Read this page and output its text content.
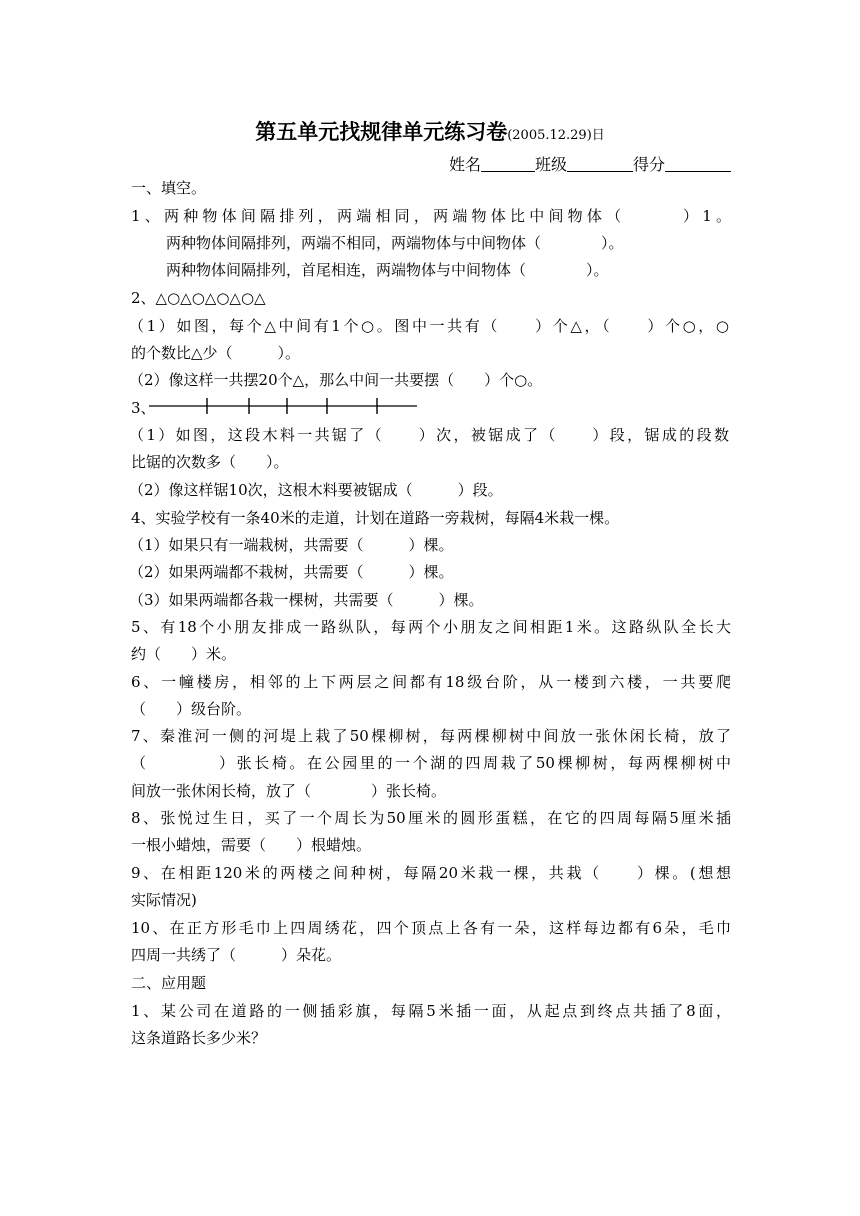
第五单元找规律单元练习卷(2005.12.29)日
姓名	班级	得分
一、填空。
1、两种物体间隔排列，两端相同，两端物体比中间物体（　　　）1。
两种物体间隔排列，两端不相同，两端物体与中间物体（　　　　）。
两种物体间隔排列，首尾相连，两端物体与中间物体（　　　　）。
2、△○△○△○△○△
（1）如图，每个△中间有1个○。图中一共有（　　）个△，（　　）个○，○
的个数比△少（　　　）。
（2）像这样一共摆20个△，那么中间一共要摆（　　）个○。
3、
（1）如图，这段木料一共锯了（　　）次，被锯成了（　　）段，锯成的段数
比锯的次数多（　　）。
（2）像这样锯10次，这根木料要被锯成（　　　）段。
4、实验学校有一条40米的走道，计划在道路一旁栽树，每隔4米栽一棵。
（1）如果只有一端栽树，共需要（　　　）棵。
（2）如果两端都不栽树，共需要（　　　）棵。
（3）如果两端都各栽一棵树，共需要（　　　）棵。
5、有18个小朋友排成一路纵队，每两个小朋友之间相距1米。这路纵队全长大
约（　　）米。
6、一幢楼房，相邻的上下两层之间都有18级台阶，从一楼到六楼，一共要爬
（　　）级台阶。
7、秦淮河一侧的河堤上栽了50棵柳树，每两棵柳树中间放一张休闲长椅，放了
（　　　　）张长椅。在公园里的一个湖的四周栽了50棵柳树，每两棵柳树中
间放一张休闲长椅，放了（　　　　）张长椅。
8、张悦过生日，买了一个周长为50厘米的圆形蛋糕，在它的四周每隔5厘米插
一根小蜡烛，需要（　　）根蜡烛。
9、在相距120米的两楼之间种树，每隔20米栽一棵，共栽（　　）棵。(想想
实际情况)
10、在正方形毛巾上四周绣花，四个顶点上各有一朵，这样每边都有6朵，毛巾
四周一共绣了（　　　）朵花。
二、应用题
1、某公司在道路的一侧插彩旗，每隔5米插一面，从起点到终点共插了8面，
这条道路长多少米？
